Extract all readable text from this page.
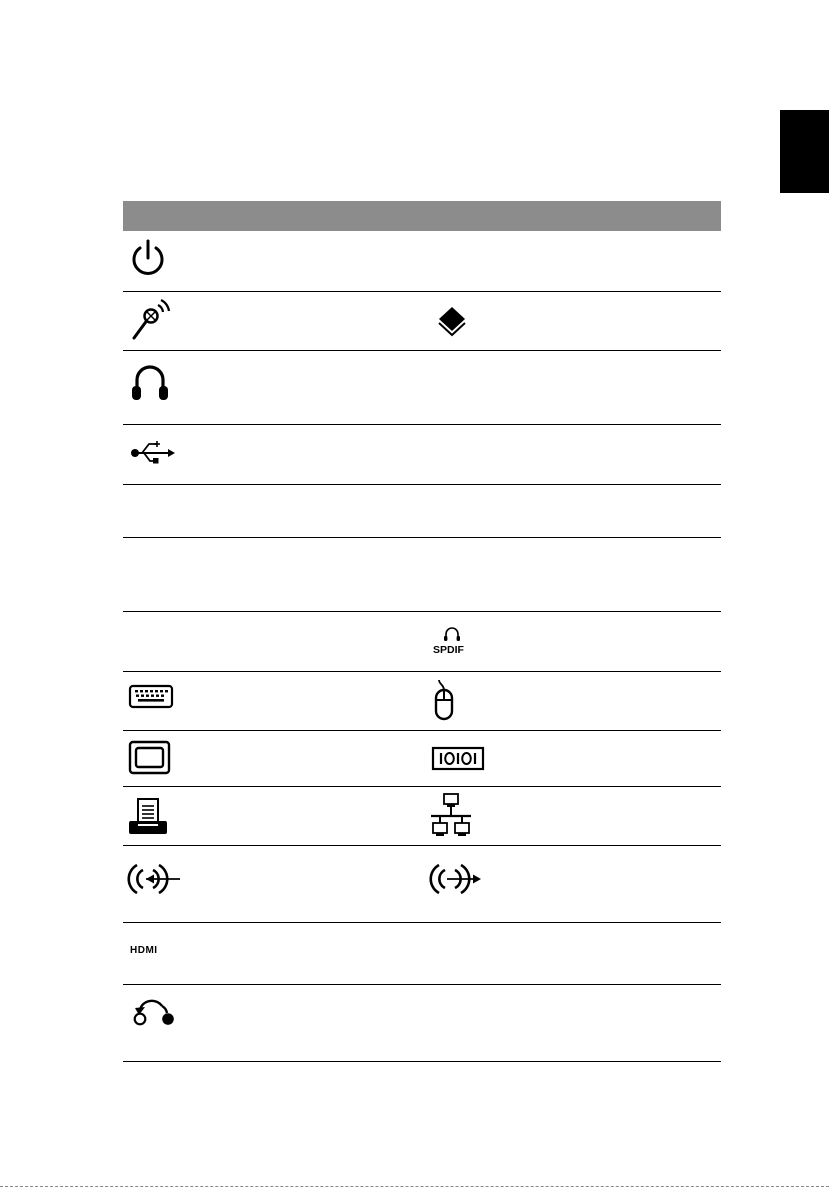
SPDIF
HDMI
